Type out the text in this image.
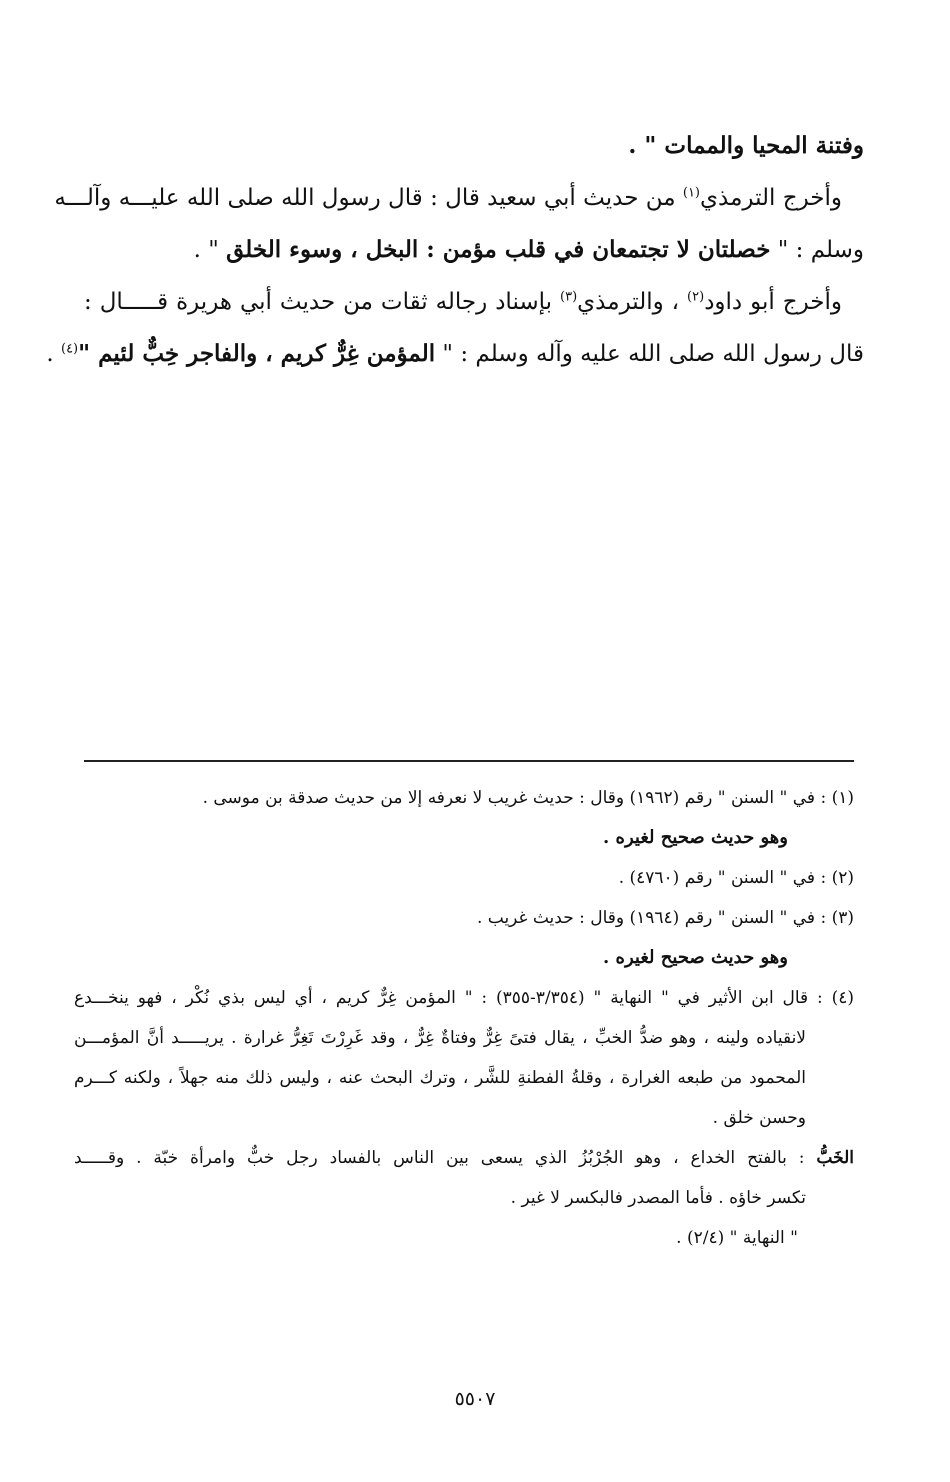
وفتنة المحيا والممات " .
وأخرج الترمذي$^{(١)}$ من حديث أبي سعيد قال : قال رسول الله صلى الله عليـــه وآلـــه
وسلم : " خصلتان لا تجتمعان في قلب مؤمن : البخل ، وسوء الخلق " .
وأخرج أبو داود$^{(٢)}$ ، والترمذي$^{(٣)}$ بإسناد رجاله ثقات من حديث أبي هريرة قـــــال :
قال رسول الله صلى الله عليه وآله وسلم : " المؤمن غِرٌّ كريم ، والفاجر خِبٌّ لئيم "$^{(٤)}$ .
(١) : في " السنن " رقم (١٩٦٢) وقال : حديث غريب لا نعرفه إلا من حديث صدقة بن موسى .
وهو حديث صحيح لغيره .
(٢) : في " السنن " رقم (٤٧٦٠) .
(٣) : في " السنن " رقم (١٩٦٤) وقال : حديث غريب .
وهو حديث صحيح لغيره .
(٤) : قال ابن الأثير في " النهاية " (٣/٣٥٤-٣٥٥) : " المؤمن غِرٌّ كريم ، أي ليس بذي نُكْر ، فهو ينخـــدع
لانقياده ولينه ، وهو ضدُّ الخبِّ ، يقال فتىً غِرٌّ وفتاةٌ غِرٌّ ، وقد غَرِرْتَ تَغِرُّ غرارة . يريـــــد أنَّ المؤمـــن
المحمود من طبعه الغرارة ، وقلةُ الفطنةِ للشَّر ، وترك البحث عنه ، وليس ذلك منه جهلاً ، ولكنه كـــرم
وحسن خلق .
الخَبُّ : بالفتح الخداع ، وهو الجُرْبُزُ الذي يسعى بين الناس بالفساد رجل خبٌّ وامرأة خبّة . وقـــــد
تكسر خاؤه . فأما المصدر فالبكسر لا غير .
" النهاية " (٢/٤) .
٥٥٠٧
